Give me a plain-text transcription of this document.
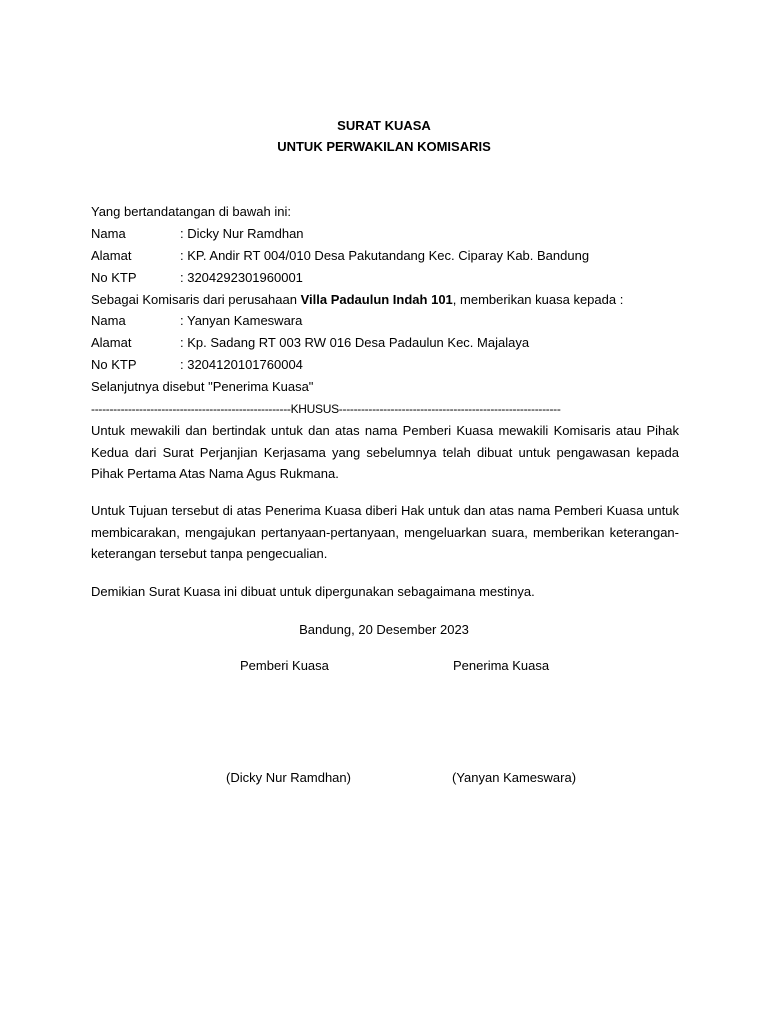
SURAT KUASA
UNTUK PERWAKILAN KOMISARIS
Yang bertandatangan di bawah ini:
Nama	: Dicky Nur Ramdhan
Alamat	: KP. Andir RT 004/010 Desa Pakutandang Kec. Ciparay Kab. Bandung
No KTP	: 3204292301960001
Sebagai Komisaris dari perusahaan Villa Padaulun Indah 101, memberikan kuasa kepada :
Nama	: Yanyan Kameswara
Alamat	: Kp. Sadang RT 003 RW 016 Desa Padaulun Kec. Majalaya
No KTP	: 3204120101760004
Selanjutnya disebut "Penerima Kuasa"
------------------------------------------------------KHUSUS------------------------------------------------------------
Untuk mewakili dan bertindak untuk dan atas nama Pemberi Kuasa mewakili Komisaris atau Pihak Kedua dari Surat Perjanjian Kerjasama yang sebelumnya telah dibuat untuk pengawasan kepada Pihak Pertama Atas Nama Agus Rukmana.
Untuk Tujuan tersebut di atas Penerima Kuasa diberi Hak untuk dan atas nama Pemberi Kuasa untuk membicarakan, mengajukan pertanyaan-pertanyaan, mengeluarkan suara, memberikan keterangan- keterangan tersebut tanpa pengecualian.
Demikian Surat Kuasa ini dibuat untuk dipergunakan sebagaimana mestinya.
Bandung, 20 Desember 2023
Pemberi Kuasa	Penerima Kuasa
(Dicky Nur Ramdhan)	(Yanyan Kameswara)
